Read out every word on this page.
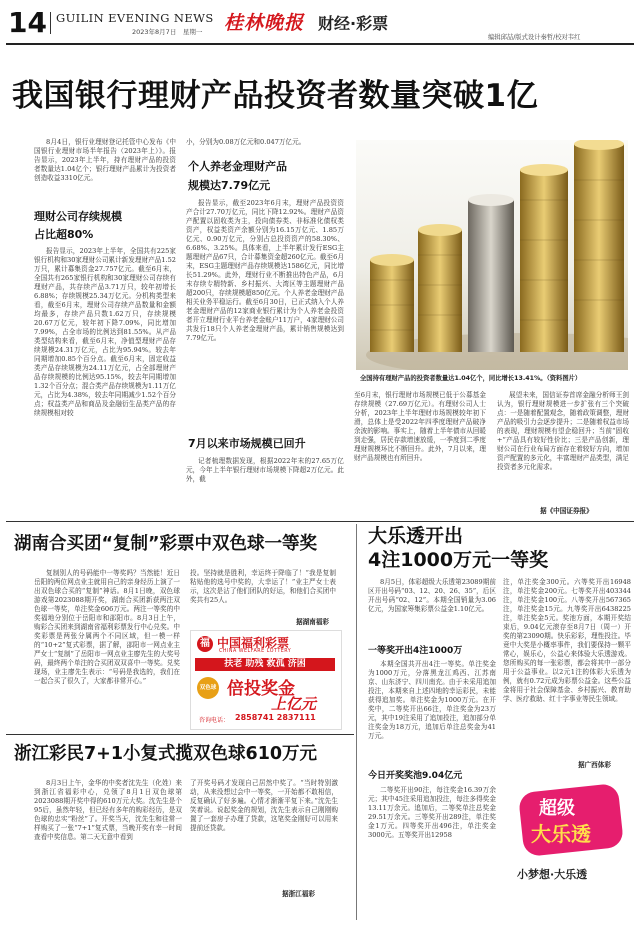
14 GUILIN EVENING NEWS
2023年8月7日　星期一 桂林晚报 财经·彩票
编辑邱喆/版式设计秦哲/校对韦红
我国银行理财产品投资者数量突破1亿
8月4日，银行业理财登记托管中心发布《中国银行业理财市场半年报告（2023年上）》。报告显示，2023年上半年，持有理财产品的投资者数量达1.04亿个；银行理财产品累计为投资者创造收益3310亿元。
理财公司存续规模
占比超80%
报告显示，2023年上半年，全国共有225家银行机构和30家理财公司累计新发理财产品1.52万只，累计募集资金27.757亿元。截至6月末，全国共有265家银行机构和30家理财公司存续有理财产品，共存续产品3.71万只，较年初增长6.88%；存续规模25.34万亿元。分机构类型来看，截至6月末，理财公司存续产品数量和金额均最多，存续产品只数1.62万只，存续规模20.67万亿元，较年初下降7.09%，同比增加7.99%，占全市场的比例达到81.55%。从产品类型结构来看，截至6月末，净值型理财产品存续规模24.31万亿元，占比为95.94%。较去年同期增加0.85个百分点。截至6月末，固定收益类产品存续规模为24.11万亿元，占全部理财产品存续规模的比例达95.15%，较去年同期增加1.32个百分点；混合类产品存续规模为1.11万亿元，占比为4.38%，较去年同期减少1.52个百分点；权益类产品和商品及金融衍生品类产品的存续规模相对较
小，分别为0.08万亿元和0.047万亿元。
个人养老金理财产品
规模达7.79亿元
报告显示，截至2023年6月末，理财产品投资资产合计27.70万亿元，同比下降12.92%。理财产品资产配置以固收类为主，投向债券类、非标准化债权类资产，权益类资产余额分别为16.15万亿元、1.85万亿元、0.90万亿元，分别占总投资资产的58.30%、6.68%、3.25%。具体来看，上半年累计发行ESG主题理财产品67只，合计募集资金超260亿元。截至6月末，ESG主题理财产品存续规模达1586亿元，同比增长51.29%。此外，理财行业不断推出特色产品，6月末存续专精特新、乡村振兴、大湾区等主题理财产品超200只，存续规模超850亿元。个人养老金理财产品相关业务平稳运行。截至6月30日，已正式纳入个人养老金理财产品的12家商业银行累计为个人养老金投资者开立理财行业平台养老金账户11万户，4家理财公司共发行18只个人养老金理财产品，累计销售规模达到7.79亿元。
7月以来市场规模已回升
记者梳理数据发现，根据2022年末的27.65万亿元，今年上半年银行理财市场规模下降超2万亿元。此外，截
全国持有理财产品的投资者数量达1.04亿个，同比增长13.41%。（资料图片）
至6月末，银行理财市场规模已低于公募基金存续规模（27.69万亿元）。有理财公司人士分析，2023年上半年理财市场规模较年初下滑，总体上是受2022年四季度理财产品破净余波的影响。事实上，随着上半年债市从回暖到走强，居民存款增速放缓，一季度到二季度理财规模环比不断回升。此外，7月以来，理财产品规模也有所回升。
展望未来，国信证券首席金融分析师王剑认为，银行理财规模进一步扩张有三个突破点：一是随着配置观念，随着政策调整，理财产品的吸引力会逐步提升；二是随着权益市场的表现，理财规模有望企稳回升；当前“固收+”产品具有较好性价比；三是产品创新，理财公司在行业布局方面存在着较好方向，增加资产配置的多元化，丰富理财产品类型，满足投资者多元化需求。
据《中国证券报》
湖南合买团“复制”彩票中双色球一等奖
复制别人的号码能中一等奖吗？当然能！近日岳阳的两位网点业主就用自己的亲身经历上演了一出双色球合买的“复制”神话。8月1日晚，双色球游戏第2023088期开奖，湖南合买团新获两注双色球一等奖，单注奖金606万元。两注一等奖的中奖福地分别位于岳阳市和邵阳市。8月3日上午，购彩合买团来到湖南省福利彩票发行中心兑奖。中奖彩票是两张分属两个不同区域，但一模一样的“10+2”复式彩票，据了解，邵阳市一网点业主严女士“复制”了岳阳市一网点业主廖先生的大奖号码，最终两个单注的合买团双双喜中一等奖。兑奖现场，业主廖先生表示：“号码是我选的，我们在一起合买了很久了，大家都非常开心。”
投。坚持就是胜利，幸运终于降临了！“我是复制粘贴他的选号中奖的，大幸运了！”业主严女士表示，这次是沾了他们团队的好运，和他们合买团中奖共有25人。
据湖南福彩
福 中国福利彩票
CHINA WELFARE LOTTERY
扶老 助残 救孤 济困
双色球 倍投奖金
上亿元
咨询电话： 2858741 2837111
浙江彩民7+1小复式揽双色球610万元
8月3日上午，金华的中奖者沈先生（化姓）来到浙江省福彩中心，兑领了8月1日双色球第2023088期开奖中得的610万元大奖。沈先生是个95后，虽然年轻，但已经有多年的购彩经历，是双色球的忠实“粉丝”了。开奖当天，沈先生和往常一样购买了一张“7+1”复式票，当晚开奖有幸一时间查看中奖信息。第二天无意中看到
了开奖号码才发现自己居然中奖了。“当时特别激动，从来没想过会中一等奖，一开始都不敢相信，反复确认了好多遍。心情才渐渐平复下来。”沈先生笑着说。说起奖金的规划，沈先生表示自己刚刚购置了一套房子办理了贷款，这笔奖金刚好可以用来提前还贷款。
据浙江福彩
大乐透开出
4注1000万元一等奖
8月5日，体彩超级大乐透第23089期前区开出号码“03、12、20、26、35”，后区开出号码“02、12”。本期全国销量为3.06亿元，为国家筹集彩票公益金1.10亿元。
一等奖开出4注1000万
本期全国共开出4注一等奖。单注奖金为1000万元，分落黑龙江鸡西、江苏南京、山东济宁、四川南充。由于未采用追加投注，本期来自上述四地的幸运彩民，未能获得追加奖。单注奖金为1000万元。在开奖中，二等奖开出66注，单注奖金为23万元，其中19注采用了追加投注，追加部分单注奖金为18万元，追加后单注总奖金为41万元。
今日开奖奖池9.04亿元
二等奖开出90注，每注奖金16.39万余元；其中45注采用追加投注，每注多得奖金13.11万余元。追加后，二等奖单注总奖金29.51万余元。三等奖开出289注，单注奖金1万元。四等奖开出496注，单注奖金3000元。五等奖开出12958
注，单注奖金300元。六等奖开出16948注，单注奖金200元。七等奖开出403344注，单注奖金100元。八等奖开出567365注，单注奖金15元。九等奖开出6438225注，单注奖金5元。奖池方面，本期开奖结束后，9.04亿元滚存至8月7日（周一）开奖的第23090期。快乐彩彩，理性投注。毕竟中大奖是小概率事件，我们要保持一颗平常心，娱乐心，公益心来体验大乐透游戏。您所购买的每一张彩票，都会将其中一部分用于公益事业。以2元1注的体彩大乐透为例，就有0.72元成为彩票公益金。这些公益金将用于社会保障基金、乡村振兴、教育助学、医疗救助、红十字事业等民生领域。
据广西体彩
超级
大乐透
小梦想·大乐透
